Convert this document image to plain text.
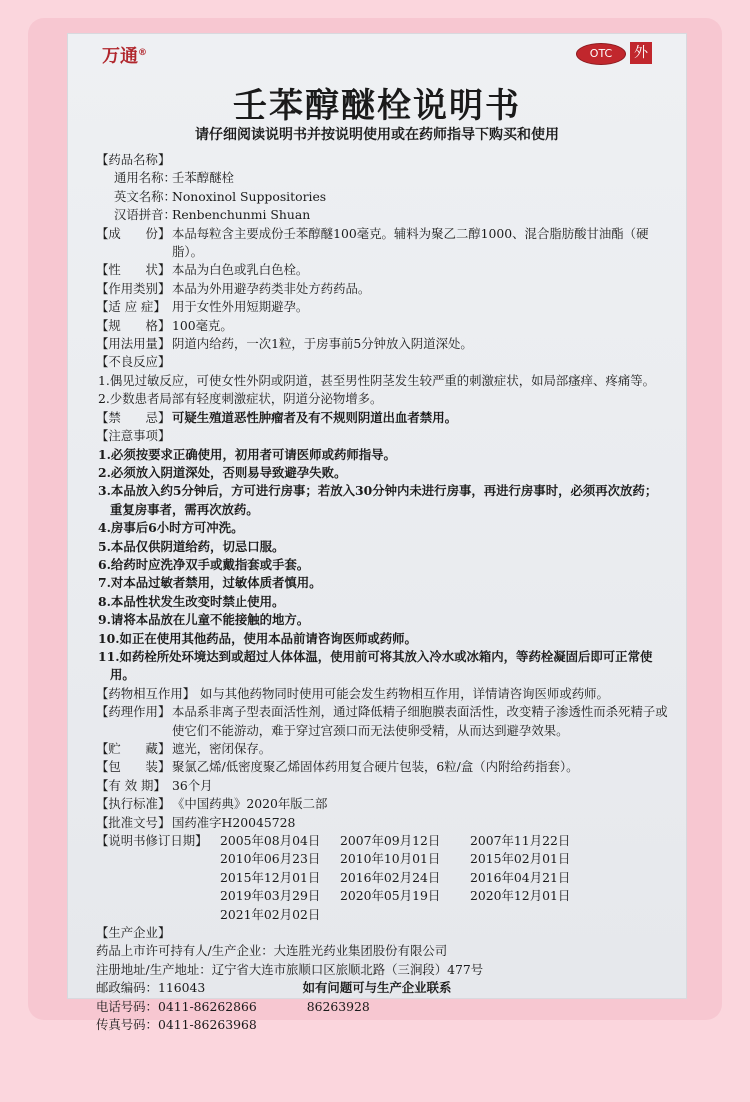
万通®	OTC	外
壬苯醇醚栓说明书
请仔细阅读说明书并按说明使用或在药师指导下购买和使用
【药品名称】
通用名称：
壬苯醇醚栓
英文名称：
Nonoxinol Suppositories
汉语拼音：
Renbenchunmi Shuan
【成　　份】 本品每粒含主要成份壬苯醇醚100毫克。辅料为聚乙二醇1000、混合脂肪酸甘油酯（硬脂）。
【性　　状】 本品为白色或乳白色栓。
【作用类别】 本品为外用避孕药类非处方药药品。
【适 应 症】 用于女性外用短期避孕。
【规　　格】 100毫克。
【用法用量】 阴道内给药，一次1粒，于房事前5分钟放入阴道深处。
【不良反应】
1.偶见过敏反应，可使女性外阴或阴道，甚至男性阴茎发生较严重的刺激症状，如局部瘙痒、疼痛等。
2.少数患者局部有轻度刺激症状，阴道分泌物增多。
【禁　　忌】 可疑生殖道恶性肿瘤者及有不规则阴道出血者禁用。
【注意事项】
1.必须按要求正确使用，初用者可请医师或药师指导。
2.必须放入阴道深处，否则易导致避孕失败。
3.本品放入约5分钟后，方可进行房事；若放入30分钟内未进行房事，再进行房事时，必须再次放药；重复房事者，需再次放药。
4.房事后6小时方可冲洗。
5.本品仅供阴道给药，切忌口服。
6.给药时应洗净双手或戴指套或手套。
7.对本品过敏者禁用，过敏体质者慎用。
8.本品性状发生改变时禁止使用。
9.请将本品放在儿童不能接触的地方。
10.如正在使用其他药品，使用本品前请咨询医师或药师。
11.如药栓所处环境达到或超过人体体温，使用前可将其放入冷水或冰箱内，等药栓凝固后即可正常使用。
【药物相互作用】 如与其他药物同时使用可能会发生药物相互作用，详情请咨询医师或药师。
【药理作用】 本品系非离子型表面活性剂，通过降低精子细胞膜表面活性，改变精子渗透性而杀死精子或使它们不能游动，难于穿过宫颈口而无法使卵受精，从而达到避孕效果。
【贮　　藏】 遮光，密闭保存。
【包　　装】 聚氯乙烯/低密度聚乙烯固体药用复合硬片包装，6粒/盒（内附给药指套）。
【有 效 期】 36个月
【执行标准】 《中国药典》2020年版二部
【批准文号】 国药准字H20045728
【说明书修订日期】	2005年08月04日	2007年09月12日	2007年11月22日
2010年06月23日	2010年10月01日	2015年02月01日
2015年12月01日	2016年02月24日	2016年04月21日
2019年03月29日	2020年05月19日	2020年12月01日
2021年02月02日
【生产企业】
药品上市许可持有人/生产企业：大连胜光药业集团股份有限公司
注册地址/生产地址：辽宁省大连市旅顺口区旅顺北路（三涧段）477号
邮政编码：116043
电话号码：0411-86262866	86263928
传真号码：0411-86263968
如有问题可与生产企业联系
